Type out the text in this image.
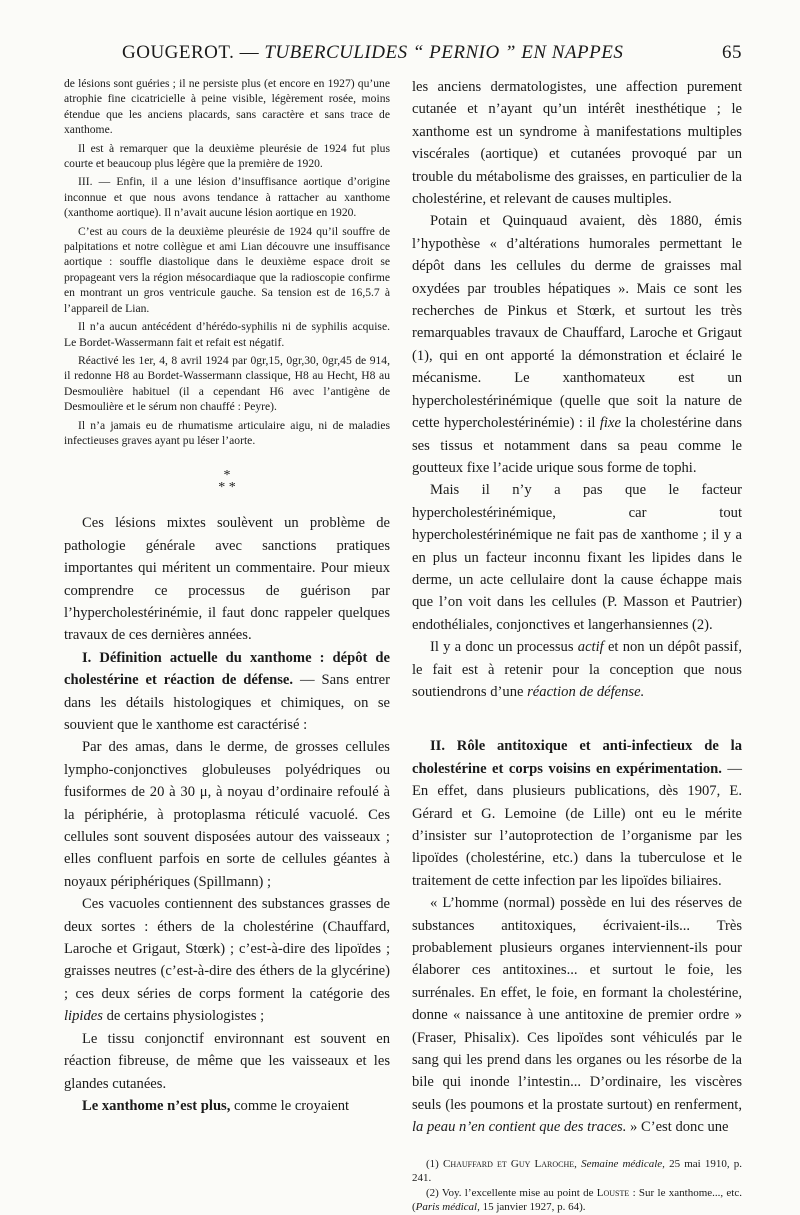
GOUGEROT. — TUBERCULIDES “ PERNIO ” EN NAPPES	65

de lésions sont guéries ; il ne persiste plus (et encore en 1927) qu’une atrophie fine cicatricielle à peine visible, légèrement rosée, moins étendue que les anciens placards, sans caractère et sans trace de xanthome.

Il est à remarquer que la deuxième pleurésie de 1924 fut plus courte et beaucoup plus légère que la première de 1920.

III. — Enfin, il a une lésion d’insuffisance aortique d’origine inconnue et que nous avons tendance à rattacher au xanthome (xanthome aortique). Il n’avait aucune lésion aortique en 1920.

C’est au cours de la deuxième pleurésie de 1924 qu’il souffre de palpitations et notre collègue et ami Lian découvre une insuffisance aortique : souffle diastolique dans le deuxième espace droit se propageant vers la région mésocardiaque que la radioscopie confirme en montrant un gros ventricule gauche. Sa tension est de 16,5.7 à l’appareil de Lian.

Il n’a aucun antécédent d’hérédo-syphilis ni de syphilis acquise. Le Bordet-Wassermann fait et refait est négatif.

Réactivé les 1er, 4, 8 avril 1924 par 0gr,15, 0gr,30, 0gr,45 de 914, il redonne H8 au Bordet-Wassermann classique, H8 au Hecht, H8 au Desmoulière habituel (il a cependant H6 avec l’antigène de Desmoulière et le sérum non chauffé : Peyre).

Il n’a jamais eu de rhumatisme articulaire aigu, ni de maladies infectieuses graves ayant pu léser l’aorte.

*
* *

Ces lésions mixtes soulèvent un problème de pathologie générale avec sanctions pratiques importantes qui méritent un commentaire. Pour mieux comprendre ce processus de guérison par l’hypercholestérinémie, il faut donc rappeler quelques travaux de ces dernières années.

I. Définition actuelle du xanthome : dépôt de cholestérine et réaction de défense. — Sans entrer dans les détails histologiques et chimiques, on se souvient que le xanthome est caractérisé :

Par des amas, dans le derme, de grosses cellules lympho-conjonctives globuleuses polyédriques ou fusiformes de 20 à 30 μ, à noyau d’ordinaire refoulé à la périphérie, à protoplasma réticulé vacuolé. Ces cellules sont souvent disposées autour des vaisseaux ; elles confluent parfois en sorte de cellules géantes à noyaux périphériques (Spillmann) ;

Ces vacuoles contiennent des substances grasses de deux sortes : éthers de la cholestérine (Chauffard, Laroche et Grigaut, Stœrk) ; c’est-à-dire des lipoïdes ; graisses neutres (c’est-à-dire des éthers de la glycérine) ; ces deux séries de corps forment la catégorie des lipides de certains physiologistes ;

Le tissu conjonctif environnant est souvent en réaction fibreuse, de même que les vaisseaux et les glandes cutanées.

Le xanthome n’est plus, comme le croyaient

les anciens dermatologistes, une affection purement cutanée et n’ayant qu’un intérêt inesthétique ; le xanthome est un syndrome à manifestations multiples viscérales (aortique) et cutanées provoqué par un trouble du métabolisme des graisses, en particulier de la cholestérine, et relevant de causes multiples.

Potain et Quinquaud avaient, dès 1880, émis l’hypothèse « d’altérations humorales permettant le dépôt dans les cellules du derme de graisses mal oxydées par troubles hépatiques ». Mais ce sont les recherches de Pinkus et Stœrk, et surtout les très remarquables travaux de Chauffard, Laroche et Grigaut (1), qui en ont apporté la démonstration et éclairé le mécanisme. Le xanthomateux est un hypercholestérinémique (quelle que soit la nature de cette hypercholestérinémie) : il fixe la cholestérine dans ses tissus et notamment dans sa peau comme le goutteux fixe l’acide urique sous forme de tophi.

Mais il n’y a pas que le facteur hypercholestérinémique, car tout hypercholestérinémique ne fait pas de xanthome ; il y a en plus un facteur inconnu fixant les lipides dans le derme, un acte cellulaire dont la cause échappe mais que l’on voit dans les cellules (P. Masson et Pautrier) endothéliales, conjonctives et langerhansiennes (2).

Il y a donc un processus actif et non un dépôt passif, le fait est à retenir pour la conception que nous soutiendrons d’une réaction de défense.

II. Rôle antitoxique et anti-infectieux de la cholestérine et corps voisins en expérimentation. — En effet, dans plusieurs publications, dès 1907, E. Gérard et G. Lemoine (de Lille) ont eu le mérite d’insister sur l’autoprotection de l’organisme par les lipoïdes (cholestérine, etc.) dans la tuberculose et le traitement de cette infection par les lipoïdes biliaires.

« L’homme (normal) possède en lui des réserves de substances antitoxiques, écrivaient-ils... Très probablement plusieurs organes interviennent-ils pour élaborer ces antitoxines... et surtout le foie, les surrénales. En effet, le foie, en formant la cholestérine, donne « naissance à une antitoxine de premier ordre » (Fraser, Phisalix). Ces lipoïdes sont véhiculés par le sang qui les prend dans les organes ou les résorbe de la bile qui inonde l’intestin... D’ordinaire, les viscères seuls (les poumons et la prostate surtout) en renferment, la peau n’en contient que des traces. » C’est donc une

(1) Chauffard et Guy Laroche, Semaine médicale, 25 mai 1910, p. 241.

(2) Voy. l’excellente mise au point de Louste : Sur le xanthome..., etc. (Paris médical, 15 janvier 1927, p. 64).
